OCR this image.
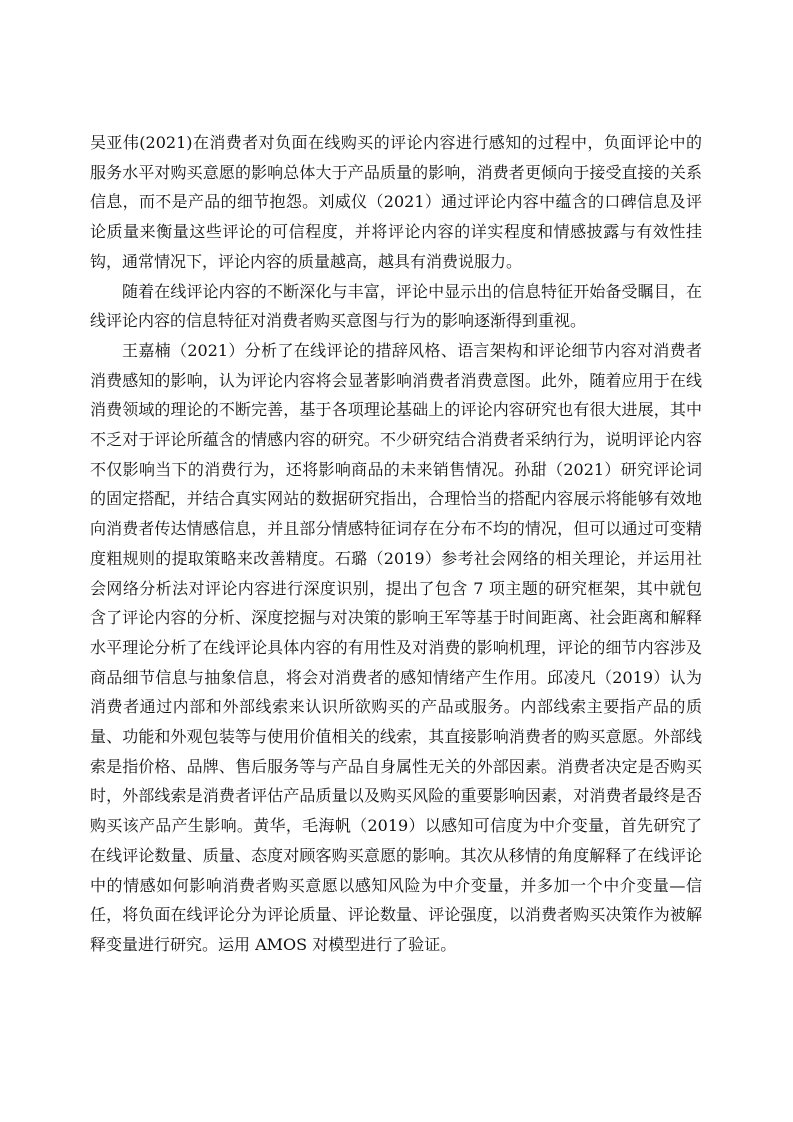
吴亚伟(2021)在消费者对负面在线购买的评论内容进行感知的过程中，负面评论中的服务水平对购买意愿的影响总体大于产品质量的影响，消费者更倾向于接受直接的关系信息，而不是产品的细节抱怨。刘威仪（2021）通过评论内容中蕴含的口碑信息及评论质量来衡量这些评论的可信程度，并将评论内容的详实程度和情感披露与有效性挂钩，通常情况下，评论内容的质量越高，越具有消费说服力。

随着在线评论内容的不断深化与丰富，评论中显示出的信息特征开始备受瞩目，在线评论内容的信息特征对消费者购买意图与行为的影响逐渐得到重视。

王嘉楠（2021）分析了在线评论的措辞风格、语言架构和评论细节内容对消费者消费感知的影响，认为评论内容将会显著影响消费者消费意图。此外，随着应用于在线消费领域的理论的不断完善，基于各项理论基础上的评论内容研究也有很大进展，其中不乏对于评论所蕴含的情感内容的研究。不少研究结合消费者采纳行为，说明评论内容不仅影响当下的消费行为，还将影响商品的未来销售情况。孙甜（2021）研究评论词的固定搭配，并结合真实网站的数据研究指出，合理恰当的搭配内容展示将能够有效地向消费者传达情感信息，并且部分情感特征词存在分布不均的情况，但可以通过可变精度粗规则的提取策略来改善精度。石璐（2019）参考社会网络的相关理论，并运用社会网络分析法对评论内容进行深度识别，提出了包含 7 项主题的研究框架，其中就包含了评论内容的分析、深度挖掘与对决策的影响王军等基于时间距离、社会距离和解释水平理论分析了在线评论具体内容的有用性及对消费的影响机理，评论的细节内容涉及商品细节信息与抽象信息，将会对消费者的感知情绪产生作用。邱凌凡（2019）认为消费者通过内部和外部线索来认识所欲购买的产品或服务。内部线索主要指产品的质量、功能和外观包装等与使用价值相关的线索，其直接影响消费者的购买意愿。外部线索是指价格、品牌、售后服务等与产品自身属性无关的外部因素。消费者决定是否购买时，外部线索是消费者评估产品质量以及购买风险的重要影响因素，对消费者最终是否购买该产品产生影响。黄华，毛海帆（2019）以感知可信度为中介变量，首先研究了在线评论数量、质量、态度对顾客购买意愿的影响。其次从移情的角度解释了在线评论中的情感如何影响消费者购买意愿以感知风险为中介变量，并多加一个中介变量—信任，将负面在线评论分为评论质量、评论数量、评论强度，以消费者购买决策作为被解释变量进行研究。运用 AMOS 对模型进行了验证。
